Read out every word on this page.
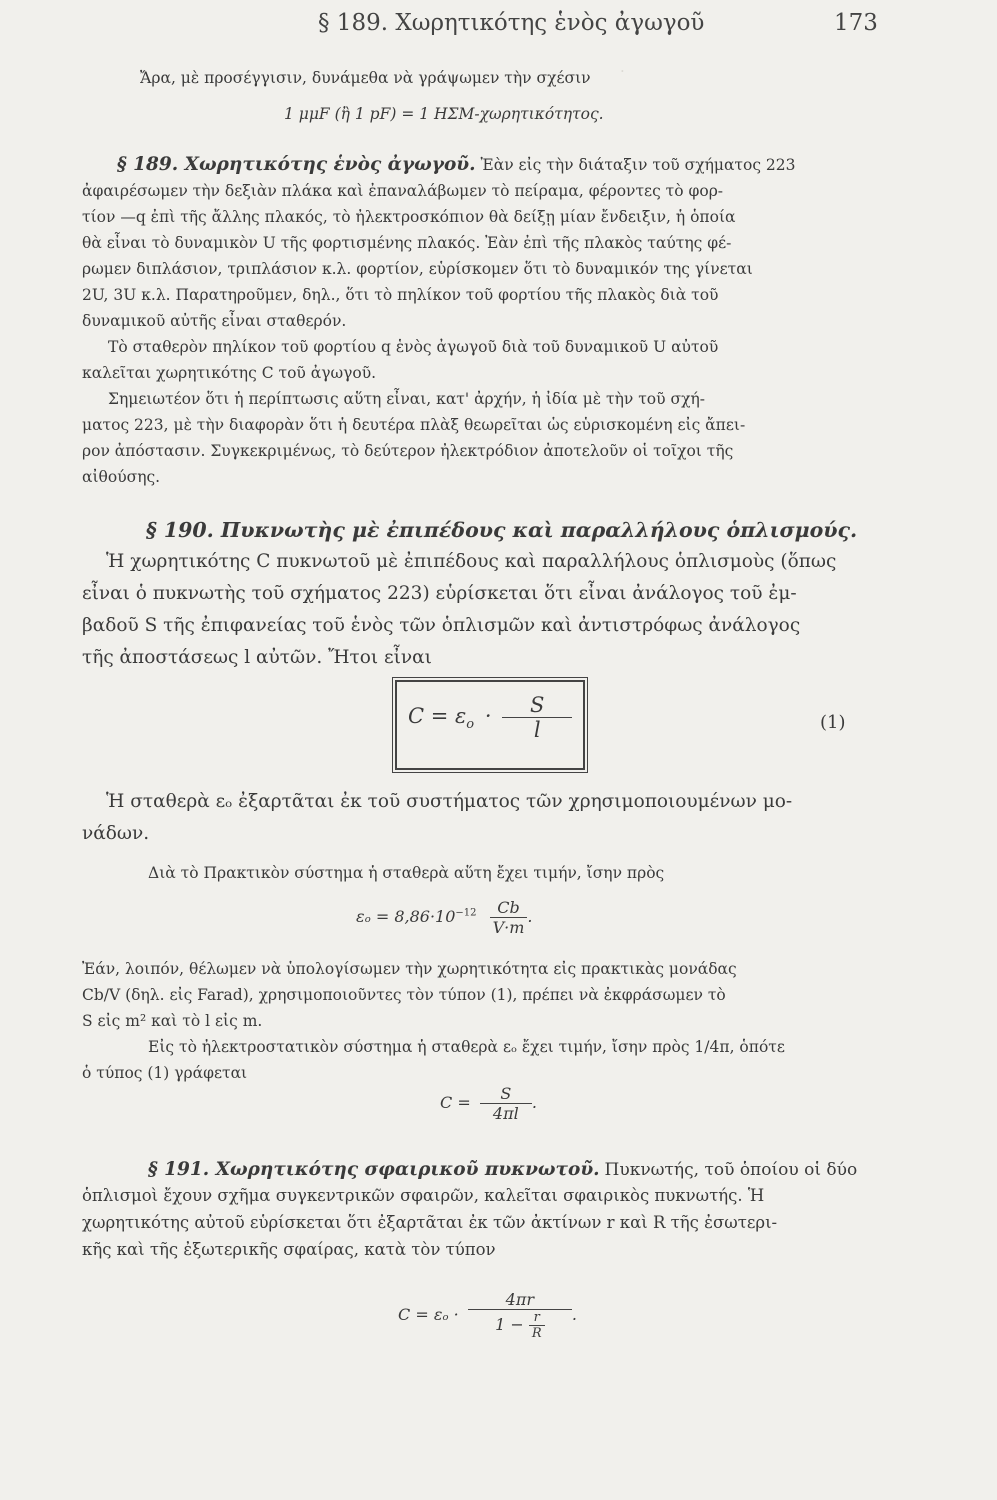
·
§ 189. Χωρητικότης ἑνὸς ἀγωγοῦ	173
Ἄρα, μὲ προσέγγισιν, δυνάμεθα νὰ γράψωμεν τὴν σχέσιν
1 μμF (ἢ 1 pF) = 1 ΗΣΜ-χωρητικότητος.
§ 189. Χωρητικότης ἑνὸς ἀγωγοῦ. Ἐὰν εἰς τὴν διάταξιν τοῦ σχήματος 223
ἀφαιρέσωμεν τὴν δεξιὰν πλάκα καὶ ἐπαναλάβωμεν τὸ πείραμα, φέροντες τὸ φορ-
τίον —q ἐπὶ τῆς ἄλλης πλακός, τὸ ἠλεκτροσκόπιον θὰ δείξῃ μίαν ἔνδειξιν, ἡ ὁποία
θὰ εἶναι τὸ δυναμικὸν U τῆς φορτισμένης πλακός. Ἐὰν ἐπὶ τῆς πλακὸς ταύτης φέ-
ρωμεν διπλάσιον, τριπλάσιον κ.λ. φορτίον, εὑρίσκομεν ὅτι τὸ δυναμικόν της γίνεται
2U, 3U κ.λ. Παρατηροῦμεν, δηλ., ὅτι τὸ πηλίκον τοῦ φορτίου τῆς πλακὸς διὰ τοῦ
δυναμικοῦ αὐτῆς εἶναι σταθερόν.
Τὸ σταθερὸν πηλίκον τοῦ φορτίου q ἑνὸς ἀγωγοῦ διὰ τοῦ δυναμικοῦ U αὐτοῦ
καλεῖται χωρητικότης C τοῦ ἀγωγοῦ.
Σημειωτέον ὅτι ἡ περίπτωσις αὕτη εἶναι, κατ' ἀρχήν, ἡ ἰδία μὲ τὴν τοῦ σχή-
ματος 223, μὲ τὴν διαφορὰν ὅτι ἡ δευτέρα πλὰξ θεωρεῖται ὡς εὑρισκομένη εἰς ἄπει-
ρον ἀπόστασιν. Συγκεκριμένως, τὸ δεύτερον ἠλεκτρόδιον ἀποτελοῦν οἱ τοῖχοι τῆς
αἰθούσης.
§ 190. Πυκνωτὴς μὲ ἐπιπέδους καὶ παραλλήλους ὁπλισμούς.
Ἡ χωρητικότης C πυκνωτοῦ μὲ ἐπιπέδους καὶ παραλλήλους ὁπλισμοὺς (ὅπως
εἶναι ὁ πυκνωτὴς τοῦ σχήματος 223) εὑρίσκεται ὅτι εἶναι ἀνάλογος τοῦ ἐμ-
βαδοῦ S τῆς ἐπιφανείας τοῦ ἑνὸς τῶν ὁπλισμῶν καὶ ἀντιστρόφως ἀνάλογος
τῆς ἀποστάσεως l αὐτῶν. Ἤτοι εἶναι
$C = \varepsilon_o \cdot \frac{S}{l}$	(1)
Ἡ σταθερὰ εₒ ἐξαρτᾶται ἐκ τοῦ συστήματος τῶν χρησιμοποιουμένων μο-
νάδων.
Διὰ τὸ Πρακτικὸν σύστημα ἡ σταθερὰ αὕτη ἔχει τιμήν, ἴσην πρὸς
$\varepsilon_o = 8,86\cdot 10^{-12} \frac{Cb}{V\cdot m}$ .
Ἐάν, λοιπόν, θέλωμεν νὰ ὑπολογίσωμεν τὴν χωρητικότητα εἰς πρακτικὰς μονάδας
Cb/V (δηλ. εἰς Farad), χρησιμοποιοῦντες τὸν τύπον (1), πρέπει νὰ ἐκφράσωμεν τὸ
S εἰς m² καὶ τὸ l εἰς m.
Εἰς τὸ ἠλεκτροστατικὸν σύστημα ἡ σταθερὰ εₒ ἔχει τιμήν, ἴσην πρὸς 1/4π, ὁπότε
ὁ τύπος (1) γράφεται
$C = \frac{S}{4\pi l}$ .
§ 191. Χωρητικότης σφαιρικοῦ πυκνωτοῦ. Πυκνωτής, τοῦ ὁποίου οἱ δύο
ὁπλισμοὶ ἔχουν σχῆμα συγκεντρικῶν σφαιρῶν, καλεῖται σφαιρικὸς πυκνωτής. Ἡ
χωρητικότης αὐτοῦ εὑρίσκεται ὅτι ἐξαρτᾶται ἐκ τῶν ἀκτίνων r καὶ R τῆς ἐσωτερι-
κῆς καὶ τῆς ἐξωτερικῆς σφαίρας, κατὰ τὸν τύπον
$C = \varepsilon_o \cdot \frac{4\pi r}{1 - \frac{r}{R}}$ .
